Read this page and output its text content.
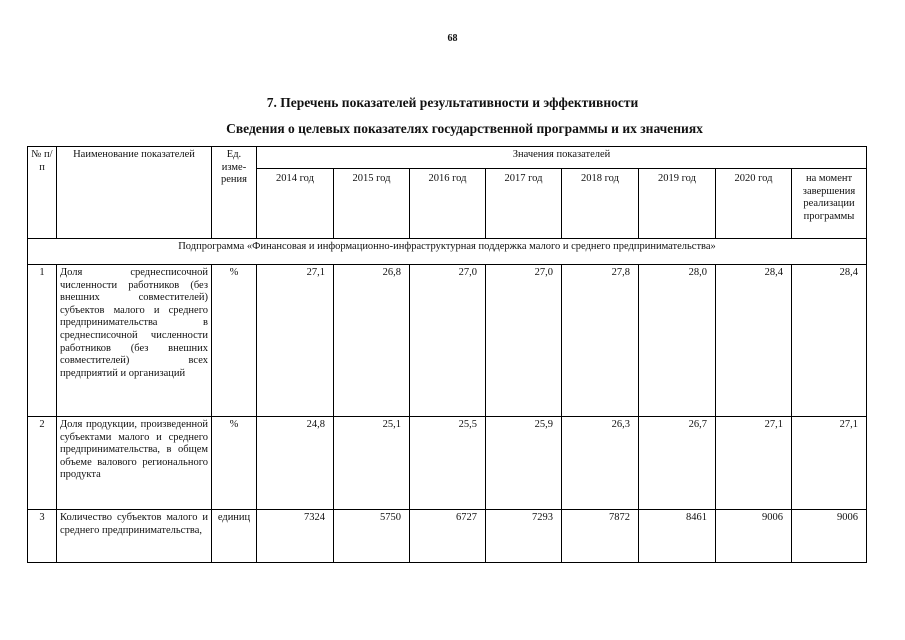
68
7. Перечень показателей результативности и эффективности
Сведения о целевых показателях государственной программы и их значениях
№ п/п	Наименование показателей	Ед. изме- рения	Значения показателей							
			2014 год	2015 год	2016 год	2017 год	2018 год	2019 год	2020 год	на момент завершения реализации программы
Подпрограмма «Финансовая и информационно-инфраструктурная поддержка малого и среднего предпринимательства»										
1	Доля среднесписочной численности работников (без внешних совместителей) субъектов малого и среднего предпринимательства в среднесписочной численности работников (без внешних совместителей) всех предприятий и организаций	%	27,1	26,8	27,0	27,0	27,8	28,0	28,4	28,4
2	Доля продукции, произведенной субъектами малого и среднего предпринимательства, в общем объеме валового регионального продукта	%	24,8	25,1	25,5	25,9	26,3	26,7	27,1	27,1
3	Количество субъектов малого и среднего предпринимательства,	единиц	7324	5750	6727	7293	7872	8461	9006	9006
